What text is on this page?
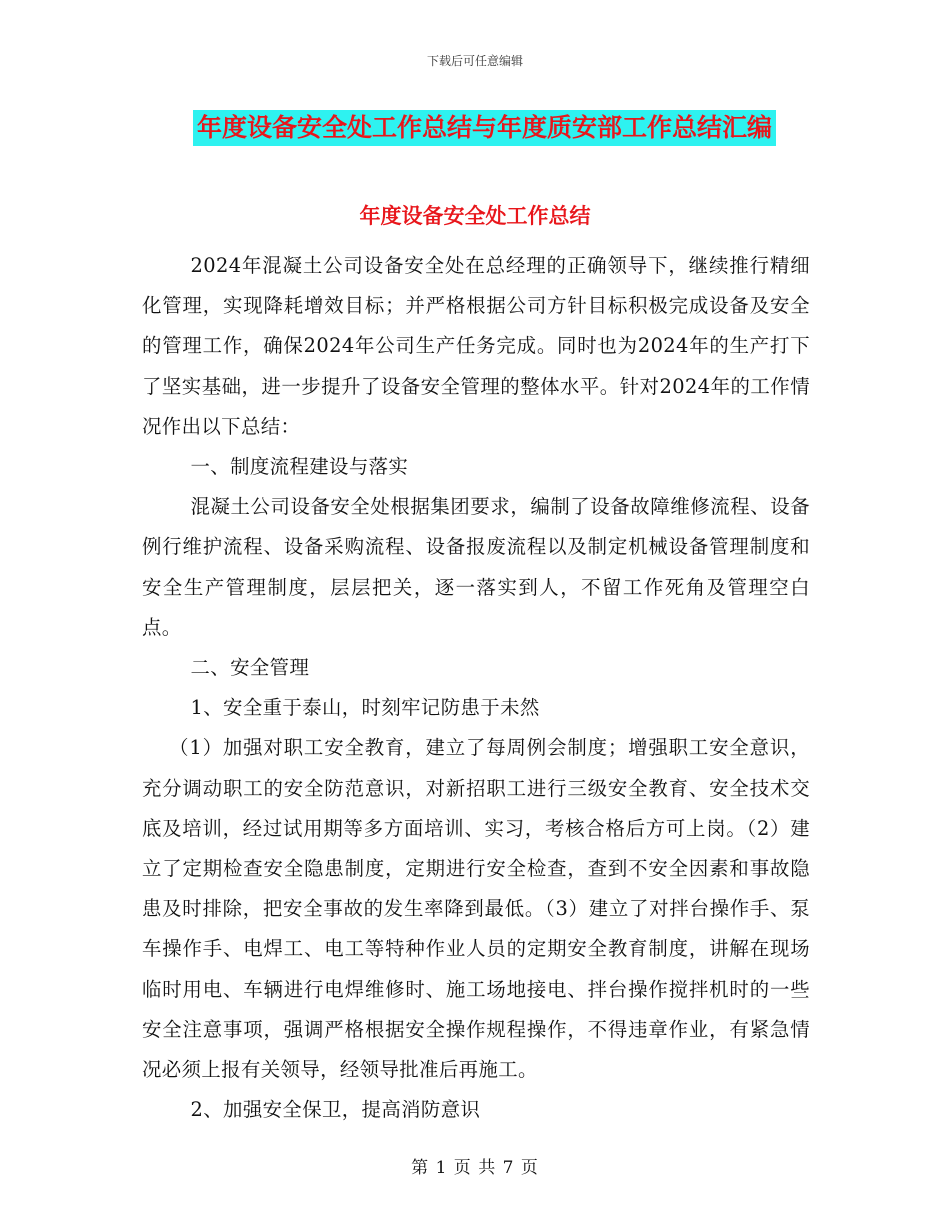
下载后可任意编辑
年度设备安全处工作总结与年度质安部工作总结汇编
年度设备安全处工作总结

2024年混凝土公司设备安全处在总经理的正确领导下，继续推行精细化管理，实现降耗增效目标；并严格根据公司方针目标积极完成设备及安全的管理工作，确保2024年公司生产任务完成。同时也为2024年的生产打下了坚实基础，进一步提升了设备安全管理的整体水平。针对2024年的工作情况作出以下总结：

一、制度流程建设与落实

混凝土公司设备安全处根据集团要求，编制了设备故障维修流程、设备例行维护流程、设备采购流程、设备报废流程以及制定机械设备管理制度和安全生产管理制度，层层把关，逐一落实到人，不留工作死角及管理空白点。

二、安全管理

1、安全重于泰山，时刻牢记防患于未然

（1）加强对职工安全教育，建立了每周例会制度；增强职工安全意识，充分调动职工的安全防范意识，对新招职工进行三级安全教育、安全技术交底及培训，经过试用期等多方面培训、实习，考核合格后方可上岗。（2）建立了定期检查安全隐患制度，定期进行安全检查，查到不安全因素和事故隐患及时排除，把安全事故的发生率降到最低。（3）建立了对拌台操作手、泵车操作手、电焊工、电工等特种作业人员的定期安全教育制度，讲解在现场临时用电、车辆进行电焊维修时、施工场地接电、拌台操作搅拌机时的一些安全注意事项，强调严格根据安全操作规程操作，不得违章作业，有紧急情况必须上报有关领导，经领导批准后再施工。

2、加强安全保卫，提高消防意识

第 1 页 共 7 页
